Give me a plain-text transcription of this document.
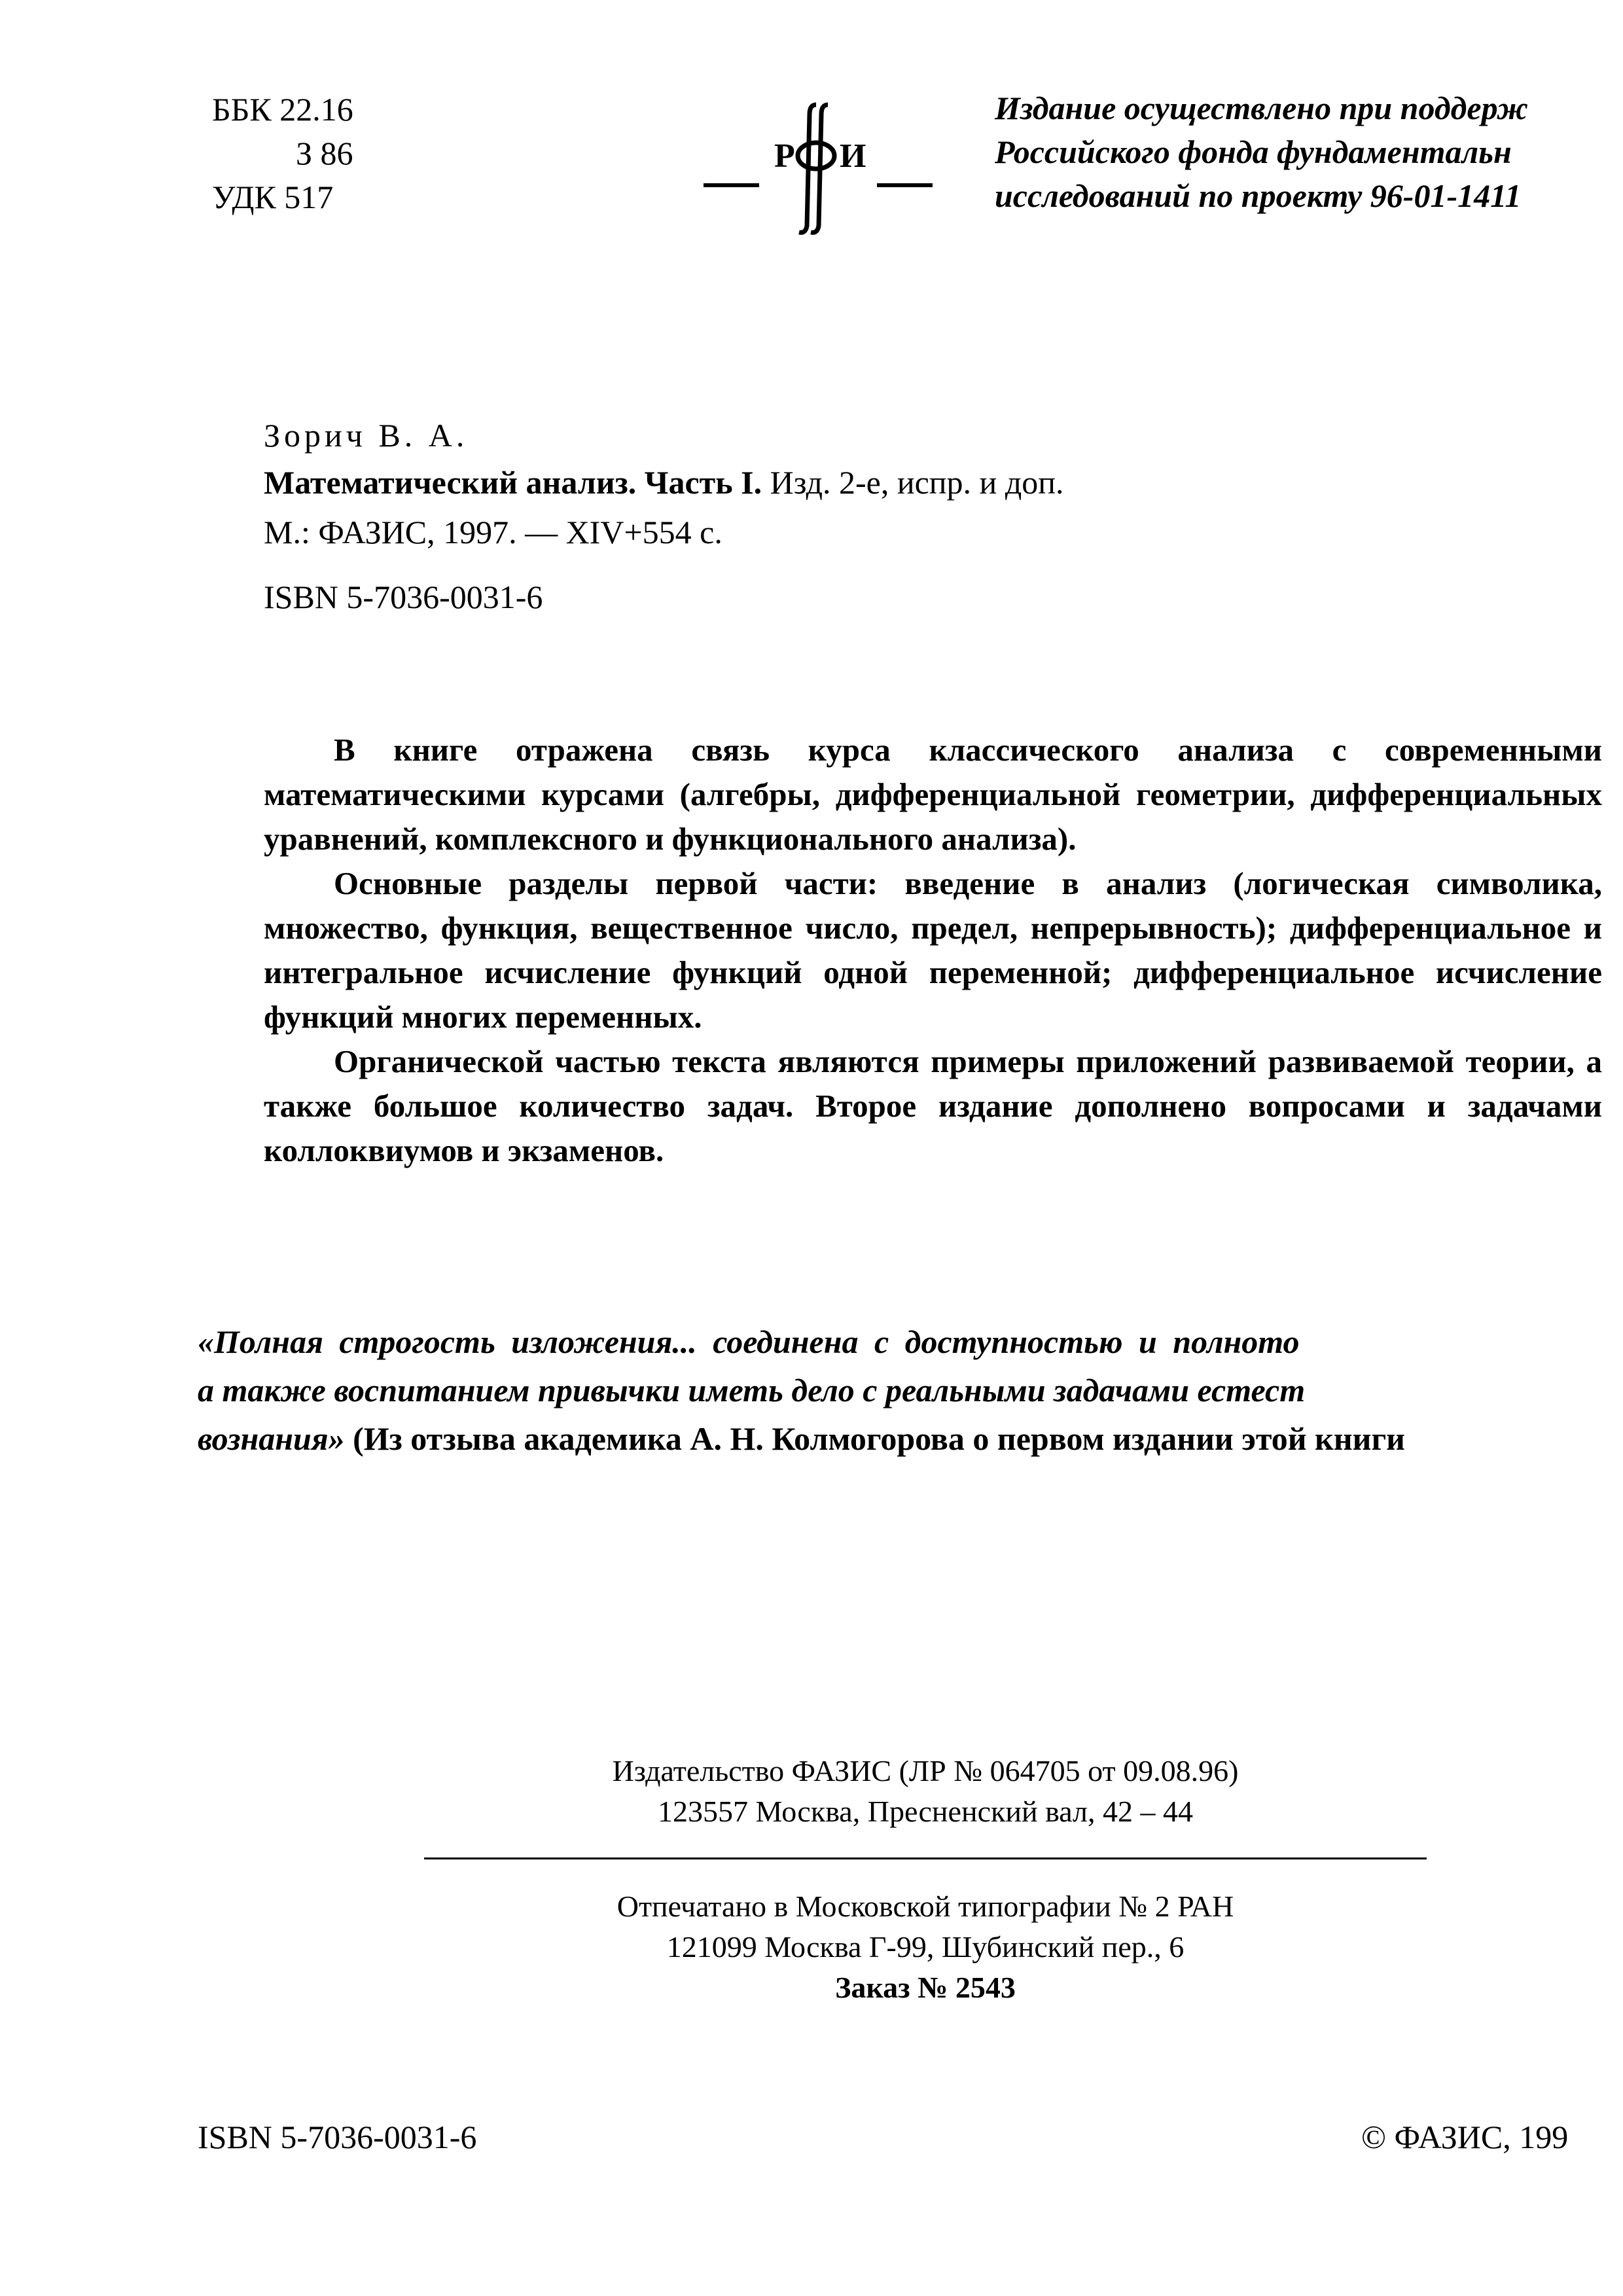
ББК 22.16
З 86
УДК 517
Р И
Издание осуществлено при поддерж
Российского фонда фундаментальн
исследований по проекту 96-01-1411
Зорич В. А.
Математический анализ. Часть I. Изд. 2-е, испр. и доп.
М.: ФАЗИС, 1997. — XIV+554 с.
ISBN 5-7036-0031-6

В книге отражена связь курса классического анализа с современными математическими курсами (алгебры, дифференциальной геометрии, дифференциальных уравнений, комплексного и функционального анализа).

Основные разделы первой части: введение в анализ (логическая символика, множество, функция, вещественное число, предел, непрерывность); дифференциальное и интегральное исчисление функций одной переменной; дифференциальное исчисление функций многих переменных.

Органической частью текста являются примеры приложений развиваемой теории, а также большое количество задач. Второе издание дополнено вопросами и задачами коллоквиумов и экзаменов.

«Полная строгость изложения... соединена с доступностью и полното
а также воспитанием привычки иметь дело с реальными задачами естест
вознания» (Из отзыва академика А. Н. Колмогорова о первом издании этой книги
Издательство ФАЗИС (ЛР № 064705 от 09.08.96)
123557 Москва, Пресненский вал, 42 – 44
Отпечатано в Московской типографии № 2 РАН
121099 Москва Г-99, Шубинский пер., 6
Заказ № 2543
ISBN 5-7036-0031-6	© ФАЗИС, 199
